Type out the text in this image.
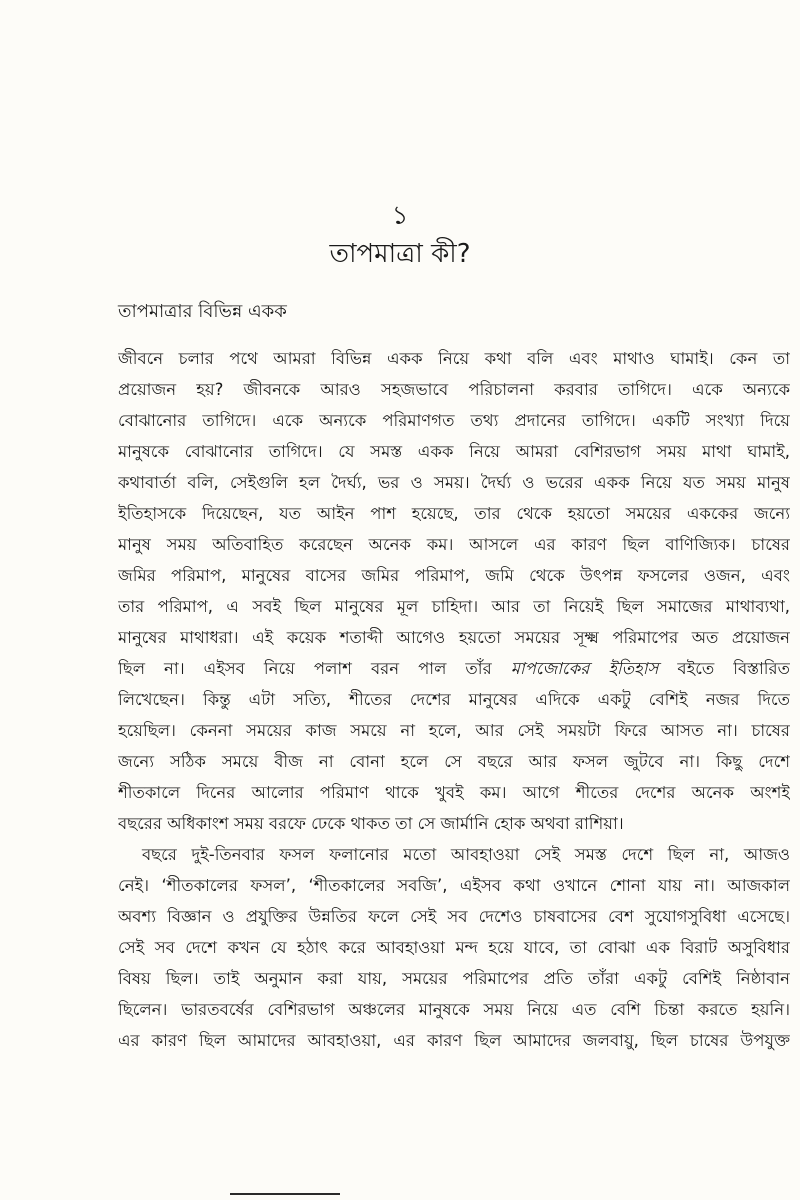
১
তাপমাত্রা কী?
তাপমাত্রার বিভিন্ন একক
জীবনে চলার পথে আমরা বিভিন্ন একক নিয়ে কথা বলি এবং মাথাও ঘামাই। কেন তা
প্রয়োজন হয়? জীবনকে আরও সহজভাবে পরিচালনা করবার তাগিদে। একে অন্যকে
বোঝানোর তাগিদে। একে অন্যকে পরিমাণগত তথ্য প্রদানের তাগিদে। একটি সংখ্যা দিয়ে
মানুষকে বোঝানোর তাগিদে। যে সমস্ত একক নিয়ে আমরা বেশিরভাগ সময় মাথা ঘামাই,
কথাবার্তা বলি, সেইগুলি হল দৈর্ঘ্য, ভর ও সময়। দৈর্ঘ্য ও ভরের একক নিয়ে যত সময় মানুষ
ইতিহাসকে দিয়েছেন, যত আইন পাশ হয়েছে, তার থেকে হয়তো সময়ের এককের জন্যে
মানুষ সময় অতিবাহিত করেছেন অনেক কম। আসলে এর কারণ ছিল বাণিজ্যিক। চাষের
জমির পরিমাপ, মানুষের বাসের জমির পরিমাপ, জমি থেকে উৎপন্ন ফসলের ওজন, এবং
তার পরিমাপ, এ সবই ছিল মানুষের মূল চাহিদা। আর তা নিয়েই ছিল সমাজের মাথাব্যথা,
মানুষের মাথাধরা। এই কয়েক শতাব্দী আগেও হয়তো সময়ের সূক্ষ্ম পরিমাপের অত প্রয়োজন
ছিল না। এইসব নিয়ে পলাশ বরন পাল তাঁর মাপজোকের ইতিহাস বইতে বিস্তারিত
লিখেছেন। কিন্তু এটা সত্যি, শীতের দেশের মানুষের এদিকে একটু বেশিই নজর দিতে
হয়েছিল। কেননা সময়ের কাজ সময়ে না হলে, আর সেই সময়টা ফিরে আসত না। চাষের
জন্যে সঠিক সময়ে বীজ না বোনা হলে সে বছরে আর ফসল জুটবে না। কিছু দেশে
শীতকালে দিনের আলোর পরিমাণ থাকে খুবই কম। আগে শীতের দেশের অনেক অংশই
বছরের অধিকাংশ সময় বরফে ঢেকে থাকত তা সে জার্মানি হোক অথবা রাশিয়া।
বছরে দুই-তিনবার ফসল ফলানোর মতো আবহাওয়া সেই সমস্ত দেশে ছিল না, আজও
নেই। ‘শীতকালের ফসল’, ‘শীতকালের সবজি’, এইসব কথা ওখানে শোনা যায় না। আজকাল
অবশ্য বিজ্ঞান ও প্রযুক্তির উন্নতির ফলে সেই সব দেশেও চাষবাসের বেশ সুযোগসুবিধা এসেছে।
সেই সব দেশে কখন যে হঠাৎ করে আবহাওয়া মন্দ হয়ে যাবে, তা বোঝা এক বিরাট অসুবিধার
বিষয় ছিল। তাই অনুমান করা যায়, সময়ের পরিমাপের প্রতি তাঁরা একটু বেশিই নিষ্ঠাবান
ছিলেন। ভারতবর্ষের বেশিরভাগ অঞ্চলের মানুষকে সময় নিয়ে এত বেশি চিন্তা করতে হয়নি।
এর কারণ ছিল আমাদের আবহাওয়া, এর কারণ ছিল আমাদের জলবায়ু, ছিল চাষের উপযুক্ত
